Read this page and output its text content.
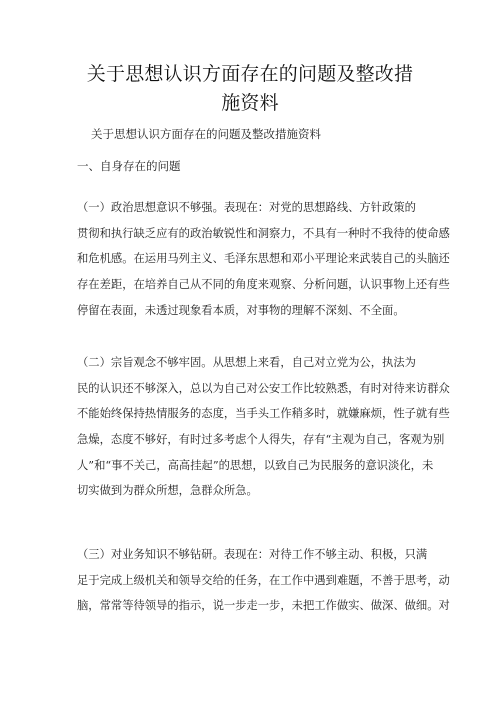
关于思想认识方面存在的问题及整改措
施资料
关于思想认识方面存在的问题及整改措施资料
一、自身存在的问题
（一）政治思想意识不够强。表现在：对党的思想路线、方针政策的
贯彻和执行缺乏应有的政治敏锐性和洞察力，不具有一种时不我待的使命感
和危机感。在运用马列主义、毛泽东思想和邓小平理论来武装自己的头脑还
存在差距，在培养自己从不同的角度来观察、分析问题，认识事物上还有些
停留在表面，未透过现象看本质，对事物的理解不深刻、不全面。
（二）宗旨观念不够牢固。从思想上来看，自己对立党为公，执法为
民的认识还不够深入，总以为自己对公安工作比较熟悉，有时对待来访群众
不能始终保持热情服务的态度，当手头工作稍多时，就嫌麻烦，性子就有些
急燥，态度不够好，有时过多考虑个人得失，存有“主观为自己，客观为别
人”和“事不关己，高高挂起”的思想，以致自己为民服务的意识淡化，未
切实做到为群众所想，急群众所急。
（三）对业务知识不够钻研。表现在：对待工作不够主动、积极，只满
足于完成上级机关和领导交给的任务，在工作中遇到难题，不善于思考，动
脑，常常等待领导的指示，说一步走一步，未把工作做实、做深、做细。对
